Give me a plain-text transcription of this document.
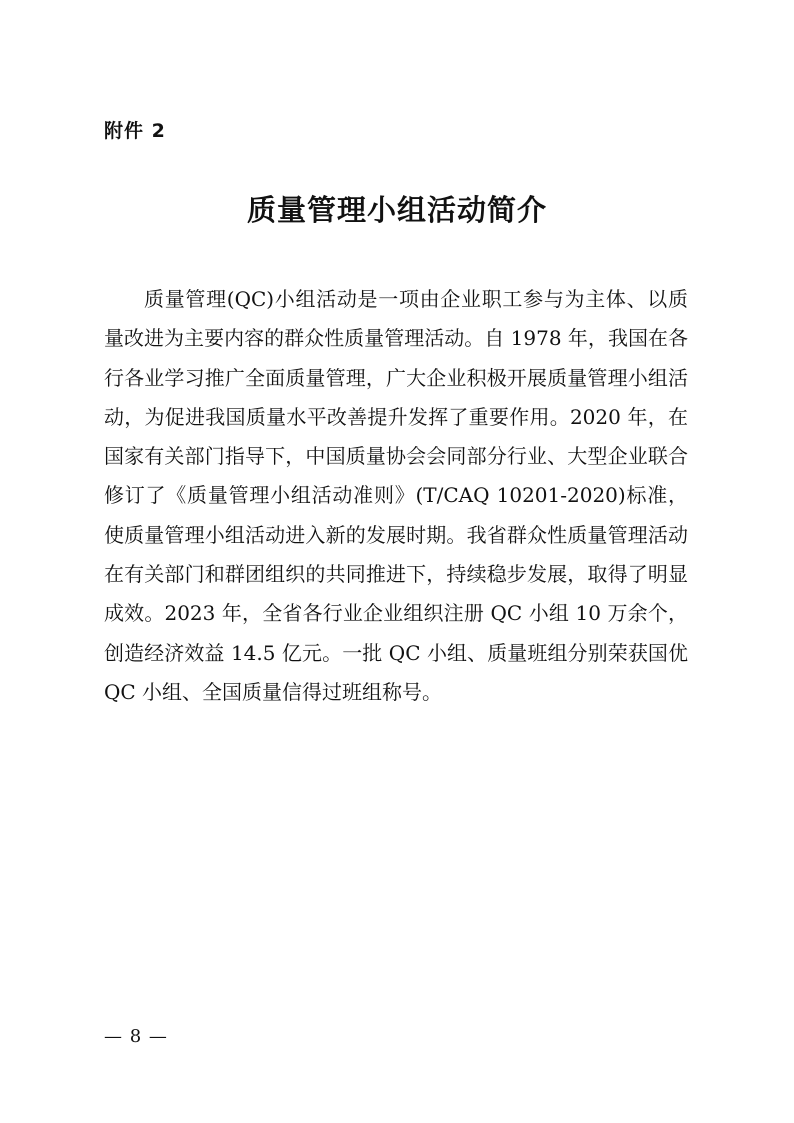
附件 2
质量管理小组活动简介

质量管理(QC)小组活动是一项由企业职工参与为主体、以质量改进为主要内容的群众性质量管理活动。自 1978 年，我国在各行各业学习推广全面质量管理，广大企业积极开展质量管理小组活动，为促进我国质量水平改善提升发挥了重要作用。2020 年，在国家有关部门指导下，中国质量协会会同部分行业、大型企业联合修订了《质量管理小组活动准则》(T/CAQ 10201-2020)标准，使质量管理小组活动进入新的发展时期。我省群众性质量管理活动在有关部门和群团组织的共同推进下，持续稳步发展，取得了明显成效。2023 年，全省各行业企业组织注册 QC 小组 10 万余个，创造经济效益 14.5 亿元。一批 QC 小组、质量班组分别荣获国优 QC 小组、全国质量信得过班组称号。

— 8 —
